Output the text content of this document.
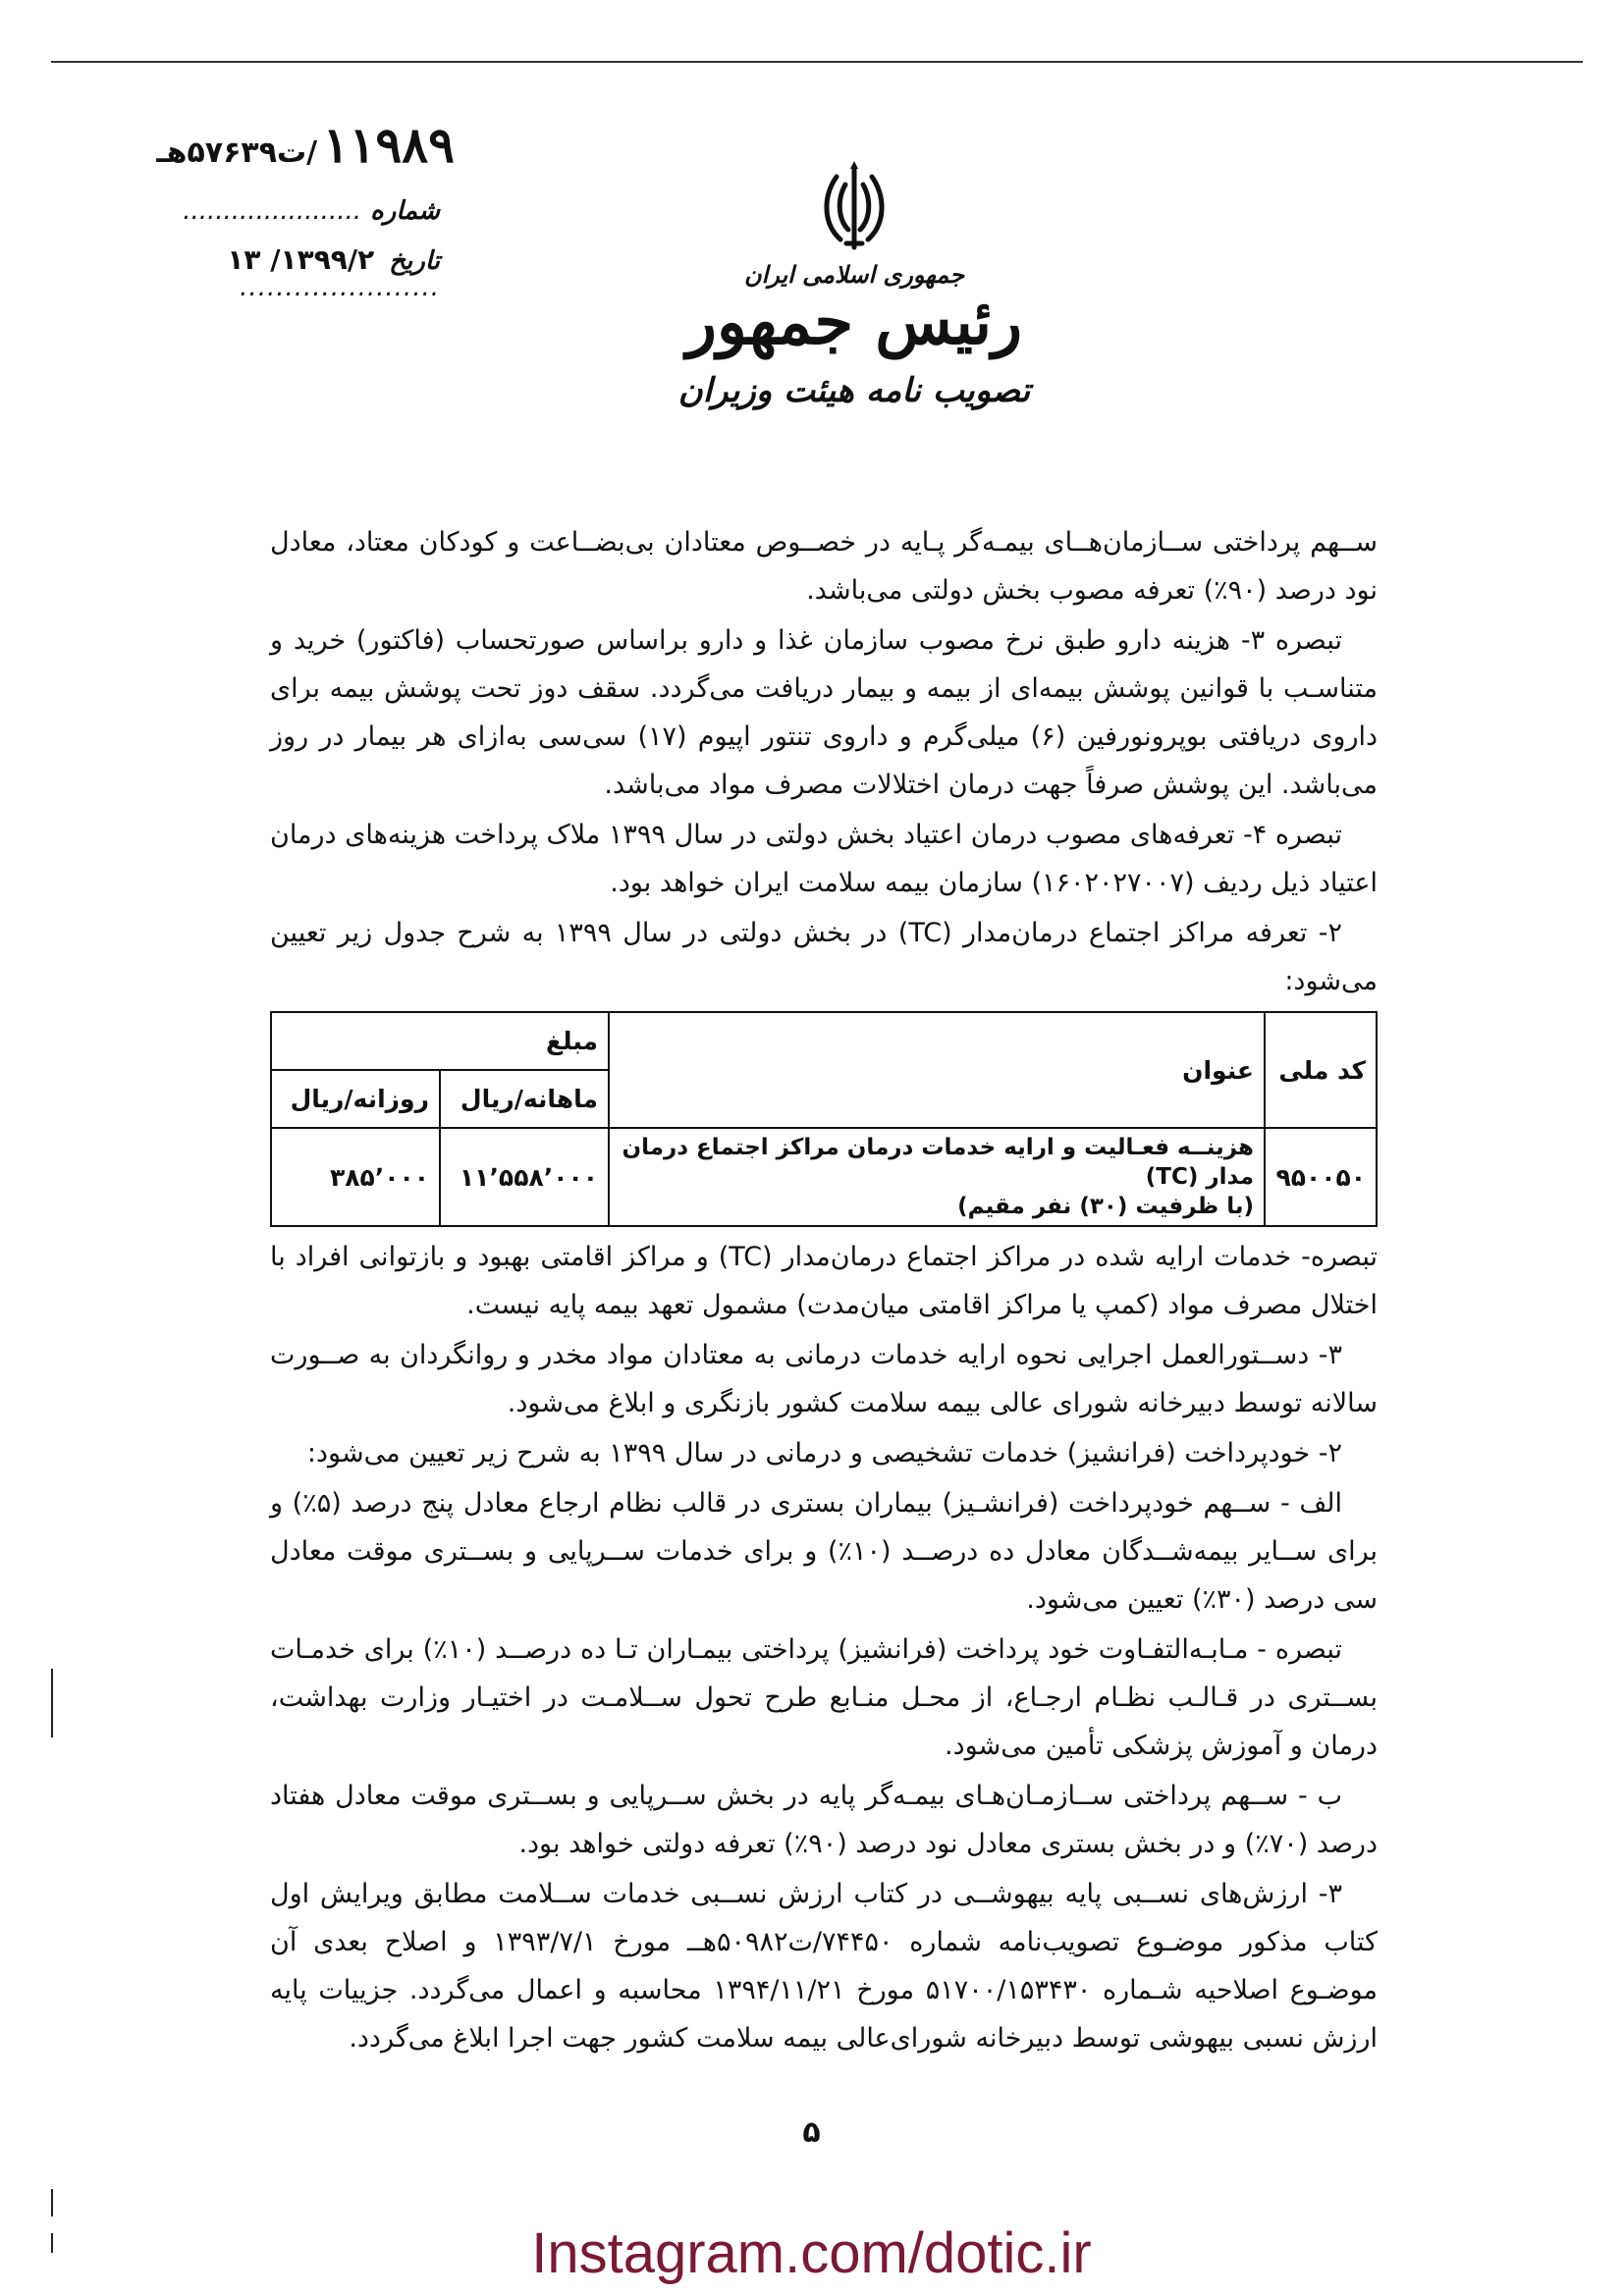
۱۱۹۸۹ /ت۵۷۶۳۹هـ
شماره ......................
تاریخ ۱۳۹۹/۲/ ۱۳
......................	جمهوری اسلامی ایران
رئیس جمهور
تصویب نامه هیئت وزیران

ســهم پرداختی ســازمان‌هــای بیمـه‌گر پـایه در خصــوص معتادان بی‌بضــاعت و کودکان معتاد، معادل نود درصد (۹۰٪) تعرفه مصوب بخش دولتی می‌باشد.

تبصره ۳- هزینه دارو طبق نرخ مصوب سازمان غذا و دارو براساس صورتحساب (فاکتور) خرید و متناسـب با قوانین پوشش بیمه‌ای از بیمه و بیمار دریافت می‌گردد. سقف دوز تحت پوشش بیمه برای داروی دریافتی بوپرونورفین (۶) میلی‌گرم و داروی تنتور اپیوم (۱۷) سی‌سی به‌ازای هر بیمار در روز می‌باشد. این پوشش صرفاً جهت درمان اختلالات مصرف مواد می‌باشد.

تبصره ۴- تعرفه‌های مصوب درمان اعتیاد بخش دولتی در سال ۱۳۹۹ ملاک پرداخت هزینه‌های درمان اعتیاد ذیل ردیف (۱۶۰۲۰۲۷۰۰۷) سازمان بیمه سلامت ایران خواهد بود.

۲- تعرفه مراکز اجتماع درمان‌مدار (TC) در بخش دولتی در سال ۱۳۹۹ به شرح جدول زیر تعیین می‌شود:

کد ملی	عنوان	مبلغ	
		ماهانه/ریال	روزانه/ریال
۹۵۰۰۵۰	هزینــه فعـالیت و ارایه خدمات درمان مراکز اجتماع درمان مدار (TC)
(با ظرفیت (۳۰) نفر مقیم)	۱۱٬۵۵۸٬۰۰۰	۳۸۵٬۰۰۰

تبصره- خدمات ارایه شده در مراکز اجتماع درمان‌مدار (TC) و مراکز اقامتی بهبود و بازتوانی افراد با اختلال مصرف مواد (کمپ یا مراکز اقامتی میان‌مدت) مشمول تعهد بیمه پایه نیست.

۳- دســتورالعمل اجرایی نحوه ارایه خدمات درمانی به معتادان مواد مخدر و روانگردان به صــورت سالانه توسط دبیرخانه شورای عالی بیمه سلامت کشور بازنگری و ابلاغ می‌شود.

۲- خودپرداخت (فرانشیز) خدمات تشخیصی و درمانی در سال ۱۳۹۹ به شرح زیر تعیین می‌شود:

الف - ســهم خودپرداخت (فرانشـیز) بیماران بستری در قالب نظام ارجاع معادل پنج درصد (۵٪) و برای ســایر بیمه‌شــدگان معادل ده درصــد (۱۰٪) و برای خدمات ســرپایی و بســتری موقت معادل سی درصد (۳۰٪) تعیین می‌شود.

تبصره - مـابـه‌التفـاوت خود پرداخت (فرانشیز) پرداختی بیمـاران تـا ده درصــد (۱۰٪) برای خدمـات بســتری در قـالـب نظـام ارجـاع، از محـل منـابع طرح تحول ســلامـت در اختیـار وزارت بهداشت، درمان و آموزش پزشکی تأمین می‌شود.

ب - ســهم پرداختی ســازمـان‌هـای بیمـه‌گر پایه در بخش ســرپایی و بســتری موقت معادل هفتاد درصد (۷۰٪) و در بخش بستری معادل نود درصد (۹۰٪) تعرفه دولتی خواهد بود.

۳- ارزش‌های نســبی پایه بیهوشــی در کتاب ارزش نســبی خدمات ســلامت مطابق ویرایش اول کتاب مذکور موضـوع تصویب‌نامه شماره ۷۴۴۵۰/ت۵۰۹۸۲هــ مورخ ۱۳۹۳/۷/۱ و اصلاح بعدی آن موضـوع اصلاحیه شـماره ۵۱۷۰۰/۱۵۳۴۳۰ مورخ ۱۳۹۴/۱۱/۲۱ محاسبه و اعمال می‌گردد. جزییات پایه ارزش نسبی بیهوشی توسط دبیرخانه شورای‌عالی بیمه سلامت کشور جهت اجرا ابلاغ می‌گردد.

۵
Instagram.com/dotic.ir
